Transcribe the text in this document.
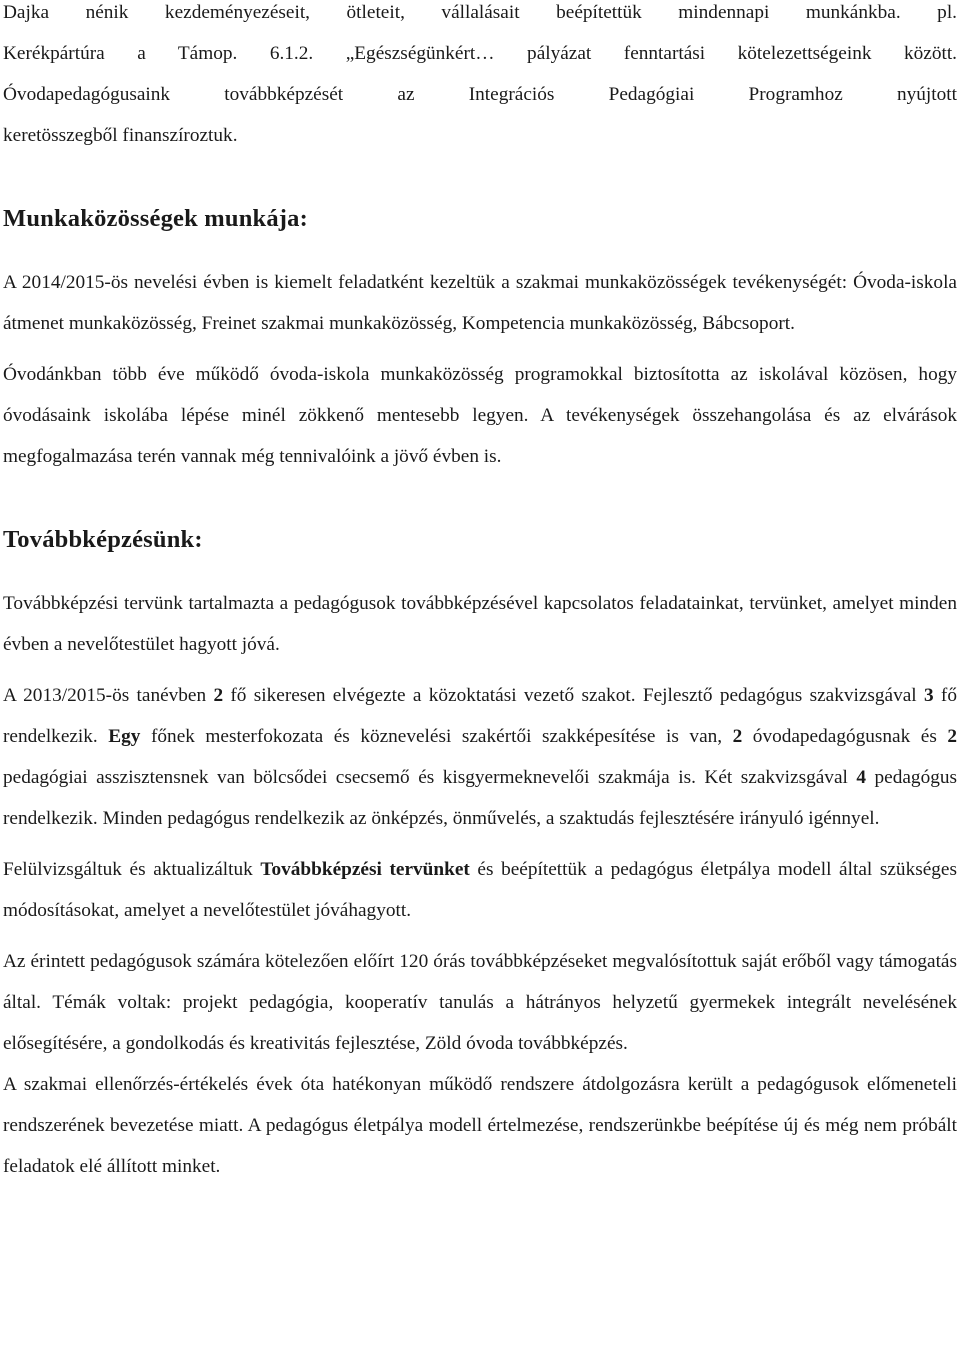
Dajka nénik kezdeményezéseit, ötleteit, vállalásait beépítettük mindennapi munkánkba. pl.

Kerékpártúra a Támop. 6.1.2. „Egészségünkért… pályázat fenntartási kötelezettségeink között.

Óvodapedagógusaink továbbképzését az Integrációs Pedagógiai Programhoz nyújtott

keretösszegből finanszíroztuk.

Munkaközösségek munkája:

A 2014/2015-ös nevelési évben is kiemelt feladatként kezeltük a szakmai munkaközösségek tevékenységét: Óvoda-iskola átmenet munkaközösség, Freinet szakmai munkaközösség, Kompetencia munkaközösség, Bábcsoport.

Óvodánkban több éve működő óvoda-iskola munkaközösség programokkal biztosította az iskolával közösen, hogy óvodásaink iskolába lépése minél zökkenő mentesebb legyen. A tevékenységek összehangolása és az elvárások megfogalmazása terén vannak még tennivalóink a jövő évben is.

Továbbképzésünk:

Továbbképzési tervünk tartalmazta a pedagógusok továbbképzésével kapcsolatos feladatainkat, tervünket, amelyet minden évben a nevelőtestület hagyott jóvá.

A 2013/2015-ös tanévben 2 fő sikeresen elvégezte a közoktatási vezető szakot. Fejlesztő pedagógus szakvizsgával 3 fő rendelkezik. Egy főnek mesterfokozata és köznevelési szakértői szakképesítése is van, 2 óvodapedagógusnak és 2 pedagógiai asszisztensnek van bölcsődei csecsemő és kisgyermeknevelői szakmája is. Két szakvizsgával 4 pedagógus rendelkezik. Minden pedagógus rendelkezik az önképzés, önművelés, a szaktudás fejlesztésére irányuló igénnyel.

Felülvizsgáltuk és aktualizáltuk Továbbképzési tervünket és beépítettük a pedagógus életpálya modell által szükséges módosításokat, amelyet a nevelőtestület jóváhagyott.

Az érintett pedagógusok számára kötelezően előírt 120 órás továbbképzéseket megvalósítottuk saját erőből vagy támogatás által. Témák voltak: projekt pedagógia, kooperatív tanulás a hátrányos helyzetű gyermekek integrált nevelésének elősegítésére, a gondolkodás és kreativitás fejlesztése, Zöld óvoda továbbképzés.

A szakmai ellenőrzés-értékelés évek óta hatékonyan működő rendszere átdolgozásra került a pedagógusok előmeneteli rendszerének bevezetése miatt. A pedagógus életpálya modell értelmezése, rendszerünkbe beépítése új és még nem próbált feladatok elé állított minket.
